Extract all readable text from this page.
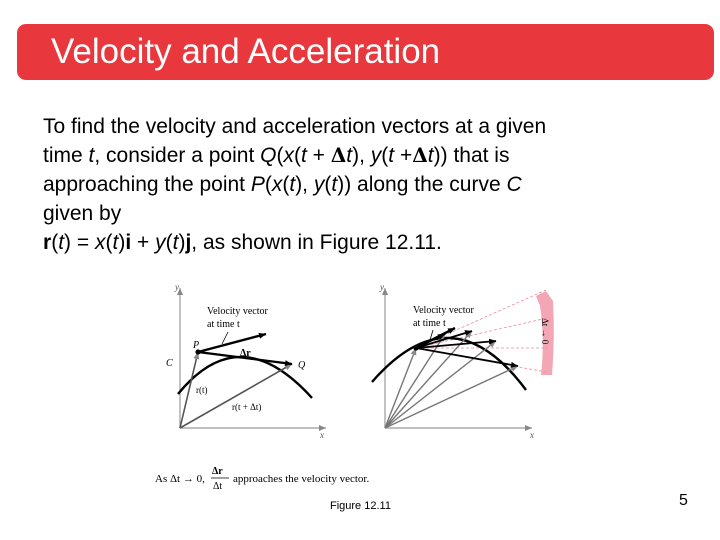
Velocity and Acceleration
To find the velocity and acceleration vectors at a given
time t, consider a point Q(x(t + Δt), y(t +Δt)) that is
approaching the point P(x(t), y(t)) along the curve C
given by
r(t) = x(t)i + y(t)j, as shown in Figure 12.11.
y
x
Velocity vector
at time t
P
C	Q
Δr
r(t)
r(t + Δt)
y
x
Δt → 0
Velocity vector
at time t
As Δt → 0,
Δr
Δt
approaches the velocity vector.
Figure 12.11	5
